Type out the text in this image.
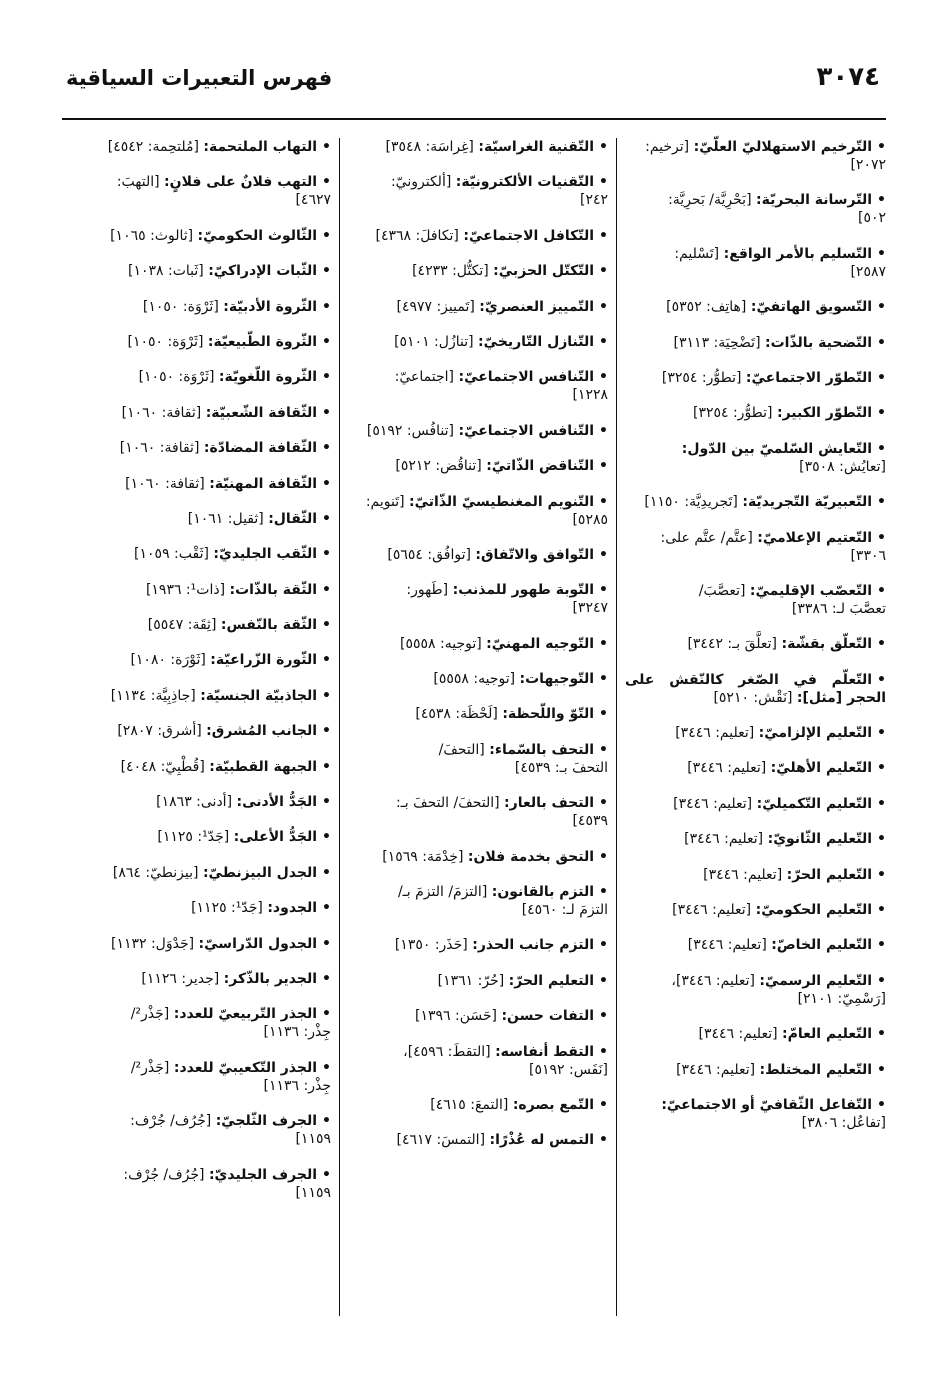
٣٠٧٤
فهرس التعبيرات السياقية
•التّرخيم الاستهلاليّ العلّيّ: [ترخيم:
٢٠٧٢]
•التّرسانة البحريّة: [بَحْرِيَّة/ بَحرِيَّة:
٥٠٢]
•التّسليم بالأمر الواقع: [تَسْليم:
٢٥٨٧]
•التّسويق الهاتفيّ: [هاتِف: ٥٣٥٢]
•التّضحية بالذّات: [تَضْحِيَة: ٣١١٣]
•التّطوّر الاجتماعيّ: [تطوُّر: ٣٢٥٤]
•التّطوّر الكبير: [تطوُّر: ٣٢٥٤]
•التّعايش السّلميّ بين الدّول:
[تعايُش: ٣٥٠٨]
•التّعبيريّة التّجريديّة: [تَجريدِيَّة: ١١٥٠]
•التّعتيم الإعلاميّ: [عتَّم/ عتَّم على:
٣٣٠٦]
•التّعصّب الإقليميّ: [تعصَّبَ/
تعصَّبَ لـ: ٣٣٨٦]
•التّعلّق بقشّة: [تعلَّقَ بـ: ٣٤٤٢]
•التّعلّم في الصّغر كالنّقش على الحجر [مثل]: [نَقْش: ٥٢١٠]
•التّعليم الإلزاميّ: [تعليم: ٣٤٤٦]
•التّعليم الأهليّ: [تعليم: ٣٤٤٦]
•التّعليم التّكميليّ: [تعليم: ٣٤٤٦]
•التّعليم الثّانويّ: [تعليم: ٣٤٤٦]
•التّعليم الحرّ: [تعليم: ٣٤٤٦]
•التّعليم الحكوميّ: [تعليم: ٣٤٤٦]
•التّعليم الخاصّ: [تعليم: ٣٤٤٦]
•التّعليم الرسميّ: [تعليم: ٣٤٤٦]،
[رَسْمِيّ: ٢١٠١]
•التّعليم العامّ: [تعليم: ٣٤٤٦]
•التّعليم المختلط: [تعليم: ٣٤٤٦]
•التّفاعل الثّقافيّ أو الاجتماعيّ:
[تفاعُل: ٣٨٠٦]
•التّقنية الغراسيّة: [غِراسَة: ٣٥٤٨]
•التّقنيات الألكترونيّة: [ألكترونيّ:
٢٤٢]
•التّكافل الاجتماعيّ: [تكافلَ: ٤٣٦٨]
•التّكتّل الحزبيّ: [تكتُّل: ٤٢٣٣]
•التّمييز العنصريّ: [تَمييز: ٤٩٧٧]
•التّنازل التّاريخيّ: [تنازُل: ٥١٠١]
•التّنافس الاجتماعيّ: [اجتماعيّ:
١٢٢٨]
•التّنافس الاجتماعيّ: [تنافُس: ٥١٩٢]
•التّناقض الذّاتيّ: [تناقُض: ٥٢١٢]
•التّنويم المغنطيسيّ الذّاتيّ: [تَنويم:
٥٢٨٥]
•التّوافق والاتّفاق: [توافُق: ٥٦٥٤]
•التّوبة طهور للمذنب: [طَهور:
٣٢٤٧]
•التّوجيه المهنيّ: [توجيه: ٥٥٥٨]
•التّوجيهات: [توجيه: ٥٥٥٨]
•التّوّ واللّحظة: [لَحْظَة: ٤٥٣٨]
•التحف بالسّماء: [التحفَ/
التحفَ بـ: ٤٥٣٩]
•التحف بالعار: [التحفَ/ التحفَ بـ:
٤٥٣٩]
•التحق بخدمة فلان: [خِدْمَة: ١٥٦٩]
•التزم بالقانون: [التزمَ/ التزمَ بـ/
التزمَ لـ: ٤٥٦٠]
•التزم جانب الحذر: [حَذَر: ١٣٥٠]
•التعليم الحرّ: [حُرّ: ١٣٦١]
•التفات حسن: [حَسَن: ١٣٩٦]
•التقط أنفاسه: [التقطَ: ٤٥٩٦]،
[نَفَس: ٥١٩٢]
•التّمع بصره: [التمعَ: ٤٦١٥]
•التمس له عُذْرًا: [التمسَ: ٤٦١٧]
•التهاب الملتحمة: [مُلتحِمة: ٤٥٤٢]
•التهب فلانٌ على فلانٍ: [التهبَ:
٤٦٢٧]
•الثّالوث الحكوميّ: [ثالوث: ١٠٦٥]
•الثّبات الإدراكيّ: [ثَبات: ١٠٣٨]
•الثّروة الأدبيّة: [ثَرْوَة: ١٠٥٠]
•الثّروة الطّبيعيّة: [ثَرْوَة: ١٠٥٠]
•الثّروة اللّغويّة: [ثَرْوَة: ١٠٥٠]
•الثّقافة الشّعبيّة: [ثقافة: ١٠٦٠]
•الثّقافة المضادّة: [ثقافة: ١٠٦٠]
•الثّقافة المهنيّة: [ثقافة: ١٠٦٠]
•الثّقال: [ثقيل: ١٠٦١]
•الثّقب الجليديّ: [ثَقْب: ١٠٥٩]
•الثّقة بالذّات: [ذات¹: ١٩٣٦]
•الثّقة بالنّفس: [ثِقَة: ٥٥٤٧]
•الثّورة الزّراعيّة: [ثَوْرَة: ١٠٨٠]
•الجاذبيّة الجنسيّة: [جاذِبِيَّة: ١١٣٤]
•الجانب المُشرق: [أشرق: ٢٨٠٧]
•الجبهة القطبيّة: [قُطْبِيّ: ٤٠٤٨]
•الجَدُّ الأدنى: [أدنى: ١٨٦٣]
•الجَدُّ الأعلى: [جَدّ¹: ١١٢٥]
•الجدل البيزنطيّ: [بيزنطيّ: ٨٦٤]
•الجدود: [جَدّ¹: ١١٢٥]
•الجدول الدّراسيّ: [جَدْوَل: ١١٣٢]
•الجدير بالذّكر: [جدير: ١١٢٦]
•الجذر التّربيعيّ للعدد: [جَذْر²/
جِذْر: ١١٣٦]
•الجذر التّكعيبيّ للعدد: [جَذْر²/
جِذْر: ١١٣٦]
•الجرف الثّلجيّ: [جُرُف/ جُرْف:
١١٥٩]
•الجرف الجليديّ: [جُرُف/ جُرْف:
١١٥٩]
